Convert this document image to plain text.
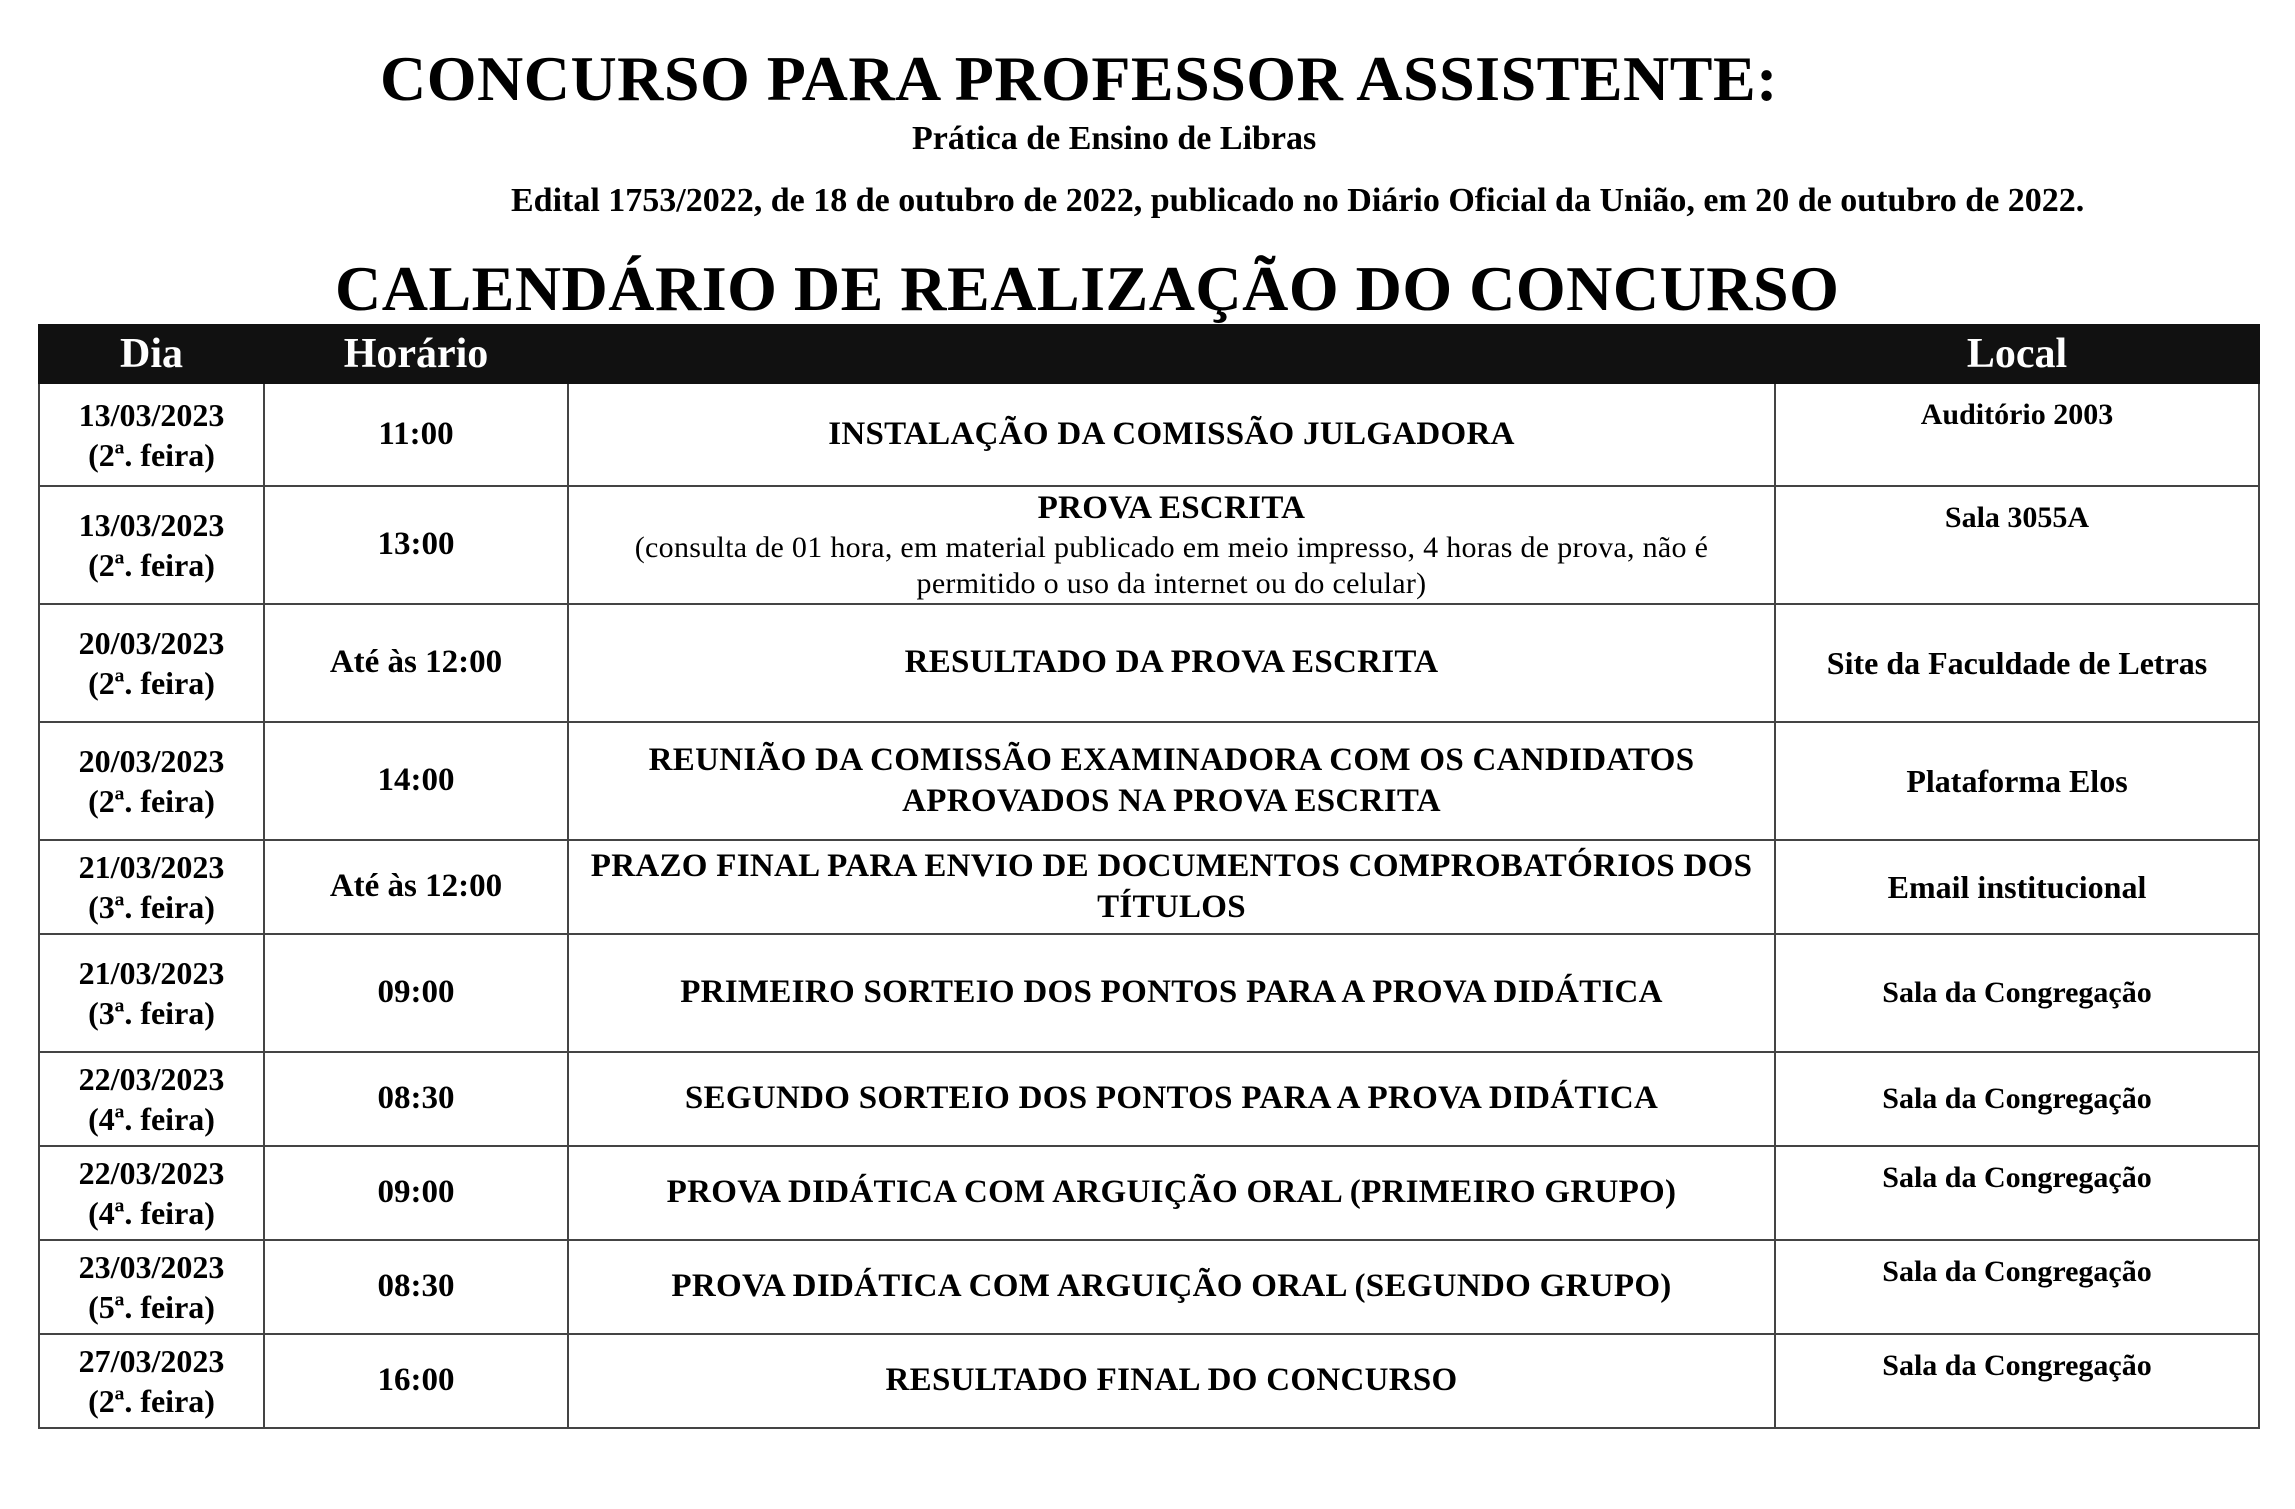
CONCURSO PARA PROFESSOR ASSISTENTE:
Prática de Ensino de Libras
Edital 1753/2022, de 18 de outubro de 2022, publicado no Diário Oficial da União, em 20 de outubro de 2022.
CALENDÁRIO DE REALIZAÇÃO DO CONCURSO
Dia	Horário		Local

13/03/2023
(2ª. feira)	11:00	INSTALAÇÃO DA COMISSÃO JULGADORA	Auditório 2003

13/03/2023
(2ª. feira)	13:00	PROVA ESCRITA
(consulta de 01 hora, em material publicado em meio impresso, 4 horas de prova, não é permitido o uso da internet ou do celular)	Sala 3055A

20/03/2023
(2ª. feira)	Até às 12:00	RESULTADO DA PROVA ESCRITA	Site da Faculdade de Letras

20/03/2023
(2ª. feira)	14:00	REUNIÃO DA COMISSÃO EXAMINADORA COM OS CANDIDATOS APROVADOS NA PROVA ESCRITA	Plataforma Elos

21/03/2023
(3ª. feira)	Até às 12:00	PRAZO FINAL PARA ENVIO DE DOCUMENTOS COMPROBATÓRIOS DOS TÍTULOS	Email institucional

21/03/2023
(3ª. feira)	09:00	PRIMEIRO SORTEIO DOS PONTOS PARA A PROVA DIDÁTICA	Sala da Congregação

22/03/2023
(4ª. feira)	08:30	SEGUNDO SORTEIO DOS PONTOS PARA A PROVA DIDÁTICA	Sala da Congregação

22/03/2023
(4ª. feira)	09:00	PROVA DIDÁTICA COM ARGUIÇÃO ORAL (PRIMEIRO GRUPO)	Sala da Congregação

23/03/2023
(5ª. feira)	08:30	PROVA DIDÁTICA COM ARGUIÇÃO ORAL (SEGUNDO GRUPO)	Sala da Congregação

27/03/2023
(2ª. feira)	16:00	RESULTADO FINAL DO CONCURSO	Sala da Congregação
